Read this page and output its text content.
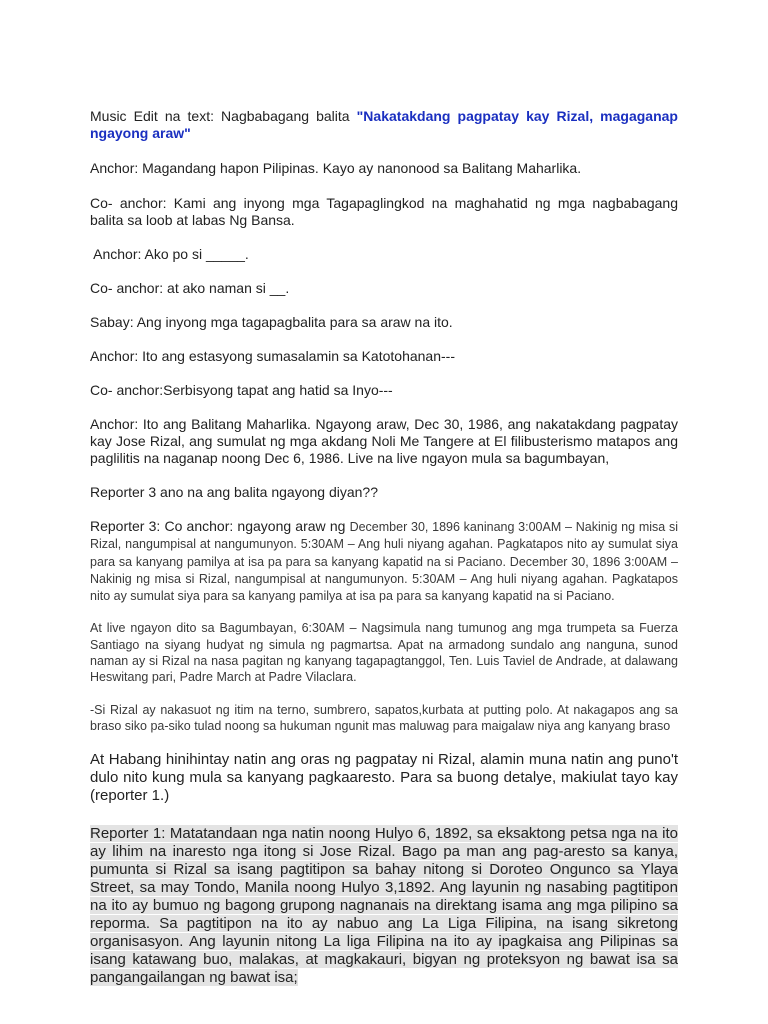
Music Edit na text: Nagbabagang balita "Nakatakdang pagpatay kay Rizal, magaganap ngayong araw"

Anchor: Magandang hapon Pilipinas. Kayo ay nanonood sa Balitang Maharlika.

Co- anchor: Kami ang inyong mga Tagapaglingkod na maghahatid ng mga nagbabagang balita sa loob at labas Ng Bansa.

Anchor: Ako po si _____.

Co- anchor: at ako naman si __.

Sabay: Ang inyong mga tagapagbalita para sa araw na ito.

Anchor: Ito ang estasyong sumasalamin sa Katotohanan---

Co- anchor:Serbisyong tapat ang hatid sa Inyo---

Anchor: Ito ang Balitang Maharlika. Ngayong araw, Dec 30, 1986, ang nakatakdang pagpatay kay Jose Rizal, ang sumulat ng mga akdang Noli Me Tangere at El filibusterismo matapos ang paglilitis na naganap noong Dec 6, 1986. Live na live ngayon mula sa bagumbayan,

Reporter 3 ano na ang balita ngayong diyan??

Reporter 3: Co anchor: ngayong araw ng December 30, 1896 kaninang 3:00AM – Nakinig ng misa si Rizal, nangumpisal at nangumunyon. 5:30AM – Ang huli niyang agahan. Pagkatapos nito ay sumulat siya para sa kanyang pamilya at isa pa para sa kanyang kapatid na si Paciano. December 30, 1896 3:00AM – Nakinig ng misa si Rizal, nangumpisal at nangumunyon. 5:30AM – Ang huli niyang agahan. Pagkatapos nito ay sumulat siya para sa kanyang pamilya at isa pa para sa kanyang kapatid na si Paciano.

At live ngayon dito sa Bagumbayan, 6:30AM – Nagsimula nang tumunog ang mga trumpeta sa Fuerza Santiago na siyang hudyat ng simula ng pagmartsa. Apat na armadong sundalo ang nanguna, sunod naman ay si Rizal na nasa pagitan ng kanyang tagapagtanggol, Ten. Luis Taviel de Andrade, at dalawang Heswitang pari, Padre March at Padre Vilaclara.

-Si Rizal ay nakasuot ng itim na terno, sumbrero, sapatos,kurbata at putting polo. At nakagapos ang sa braso siko pa-siko tulad noong sa hukuman ngunit mas maluwag para maigalaw niya ang kanyang braso

At Habang hinihintay natin ang oras ng pagpatay ni Rizal, alamin muna natin ang puno't dulo nito kung mula sa kanyang pagkaaresto. Para sa buong detalye, makiulat tayo kay (reporter 1.)

Reporter 1: Matatandaan nga natin noong Hulyo 6, 1892, sa eksaktong petsa nga na ito ay lihim na inaresto nga itong si Jose Rizal. Bago pa man ang pag-aresto sa kanya, pumunta si Rizal sa isang pagtitipon sa bahay nitong si Doroteo Ongunco sa Ylaya Street, sa may Tondo, Manila noong Hulyo 3,1892. Ang layunin ng nasabing pagtitipon na ito ay bumuo ng bagong grupong nagnanais na direktang isama ang mga pilipino sa reporma. Sa pagtitipon na ito ay nabuo ang La Liga Filipina, na isang sikretong organisasyon. Ang layunin nitong La liga Filipina na ito ay ipagkaisa ang Pilipinas sa isang katawang buo, malakas, at magkakauri, bigyan ng proteksyon ng bawat isa sa pangangailangan ng bawat isa;
